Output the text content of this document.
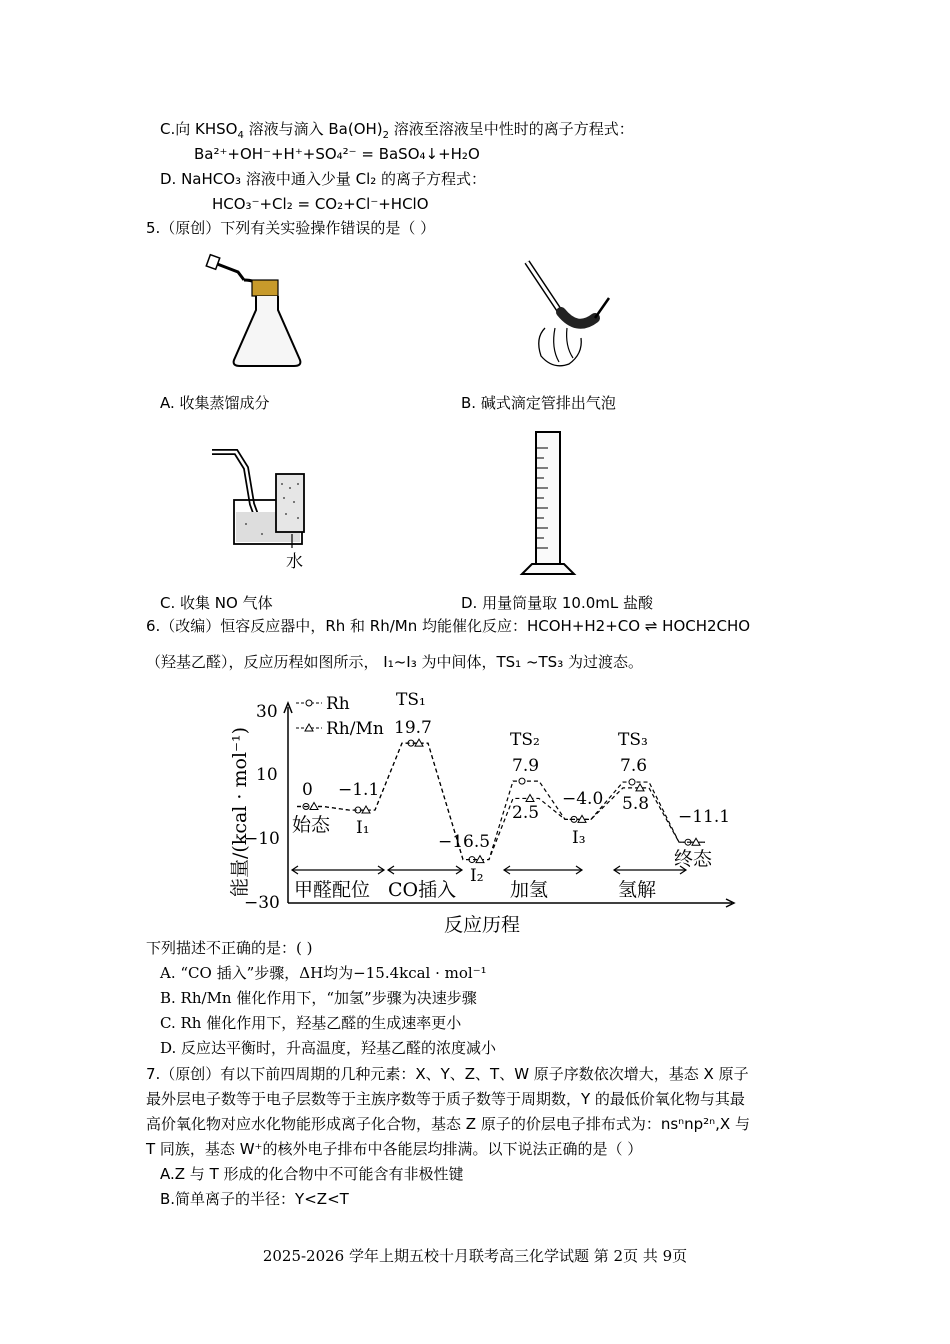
C.向 $KHSO_4$ 溶液与滴入 $Ba(OH)_2$ 溶液至溶液呈中性时的离子方程式：
Ba²⁺+OH⁻+H⁺+SO₄²⁻ = BaSO₄↓+H₂O
D. NaHCO₃ 溶液中通入少量 Cl₂ 的离子方程式：
HCO₃⁻+Cl₂ = CO₂+Cl⁻+HClO
5.（原创）下列有关实验操作错误的是（ ）
A. 收集蒸馏成分	B. 碱式滴定管排出气泡
水
C. 收集 NO 气体	D. 用量筒量取 10.0mL 盐酸
6.（改编）恒容反应器中，Rh 和 Rh/Mn 均能催化反应：HCOH+H2+CO ⇌ HOCH2CHO
（羟基乙醛），反应历程如图所示， I₁~I₃ 为中间体，TS₁ ~TS₃ 为过渡态。
能量/(kcal · mol⁻¹)
反应历程
30
10
−10
−30
Rh
Rh/Mn
甲醛配位 CO插入	加氢	氢解
始态 I₁
TS₁
I₂
TS₂
I₃
TS₃
终态
0 −1.1
19.7
−16.5
7.9
2.5
−4.0
7.6
5.8
−11.1
下列描述不正确的是：( )
A. “CO 插入”步骤，ΔH均为−15.4kcal · mol⁻¹
B. Rh/Mn 催化作用下，“加氢”步骤为决速步骤
C. Rh 催化作用下，羟基乙醛的生成速率更小
D. 反应达平衡时，升高温度，羟基乙醛的浓度减小
7.（原创）有以下前四周期的几种元素：X、Y、Z、T、W 原子序数依次增大，基态 X 原子
最外层电子数等于电子层数等于主族序数等于质子数等于周期数，Y 的最低价氧化物与其最
高价氧化物对应水化物能形成离子化合物，基态 Z 原子的价层电子排布式为：nsⁿnp²ⁿ,X 与
T 同族，基态 W⁺的核外电子排布中各能层均排满。以下说法正确的是（ ）
A.Z 与 T 形成的化合物中不可能含有非极性键
B.简单离子的半径：Y<Z<T
2025-2026 学年上期五校十月联考高三化学试题 第 2页 共 9页
